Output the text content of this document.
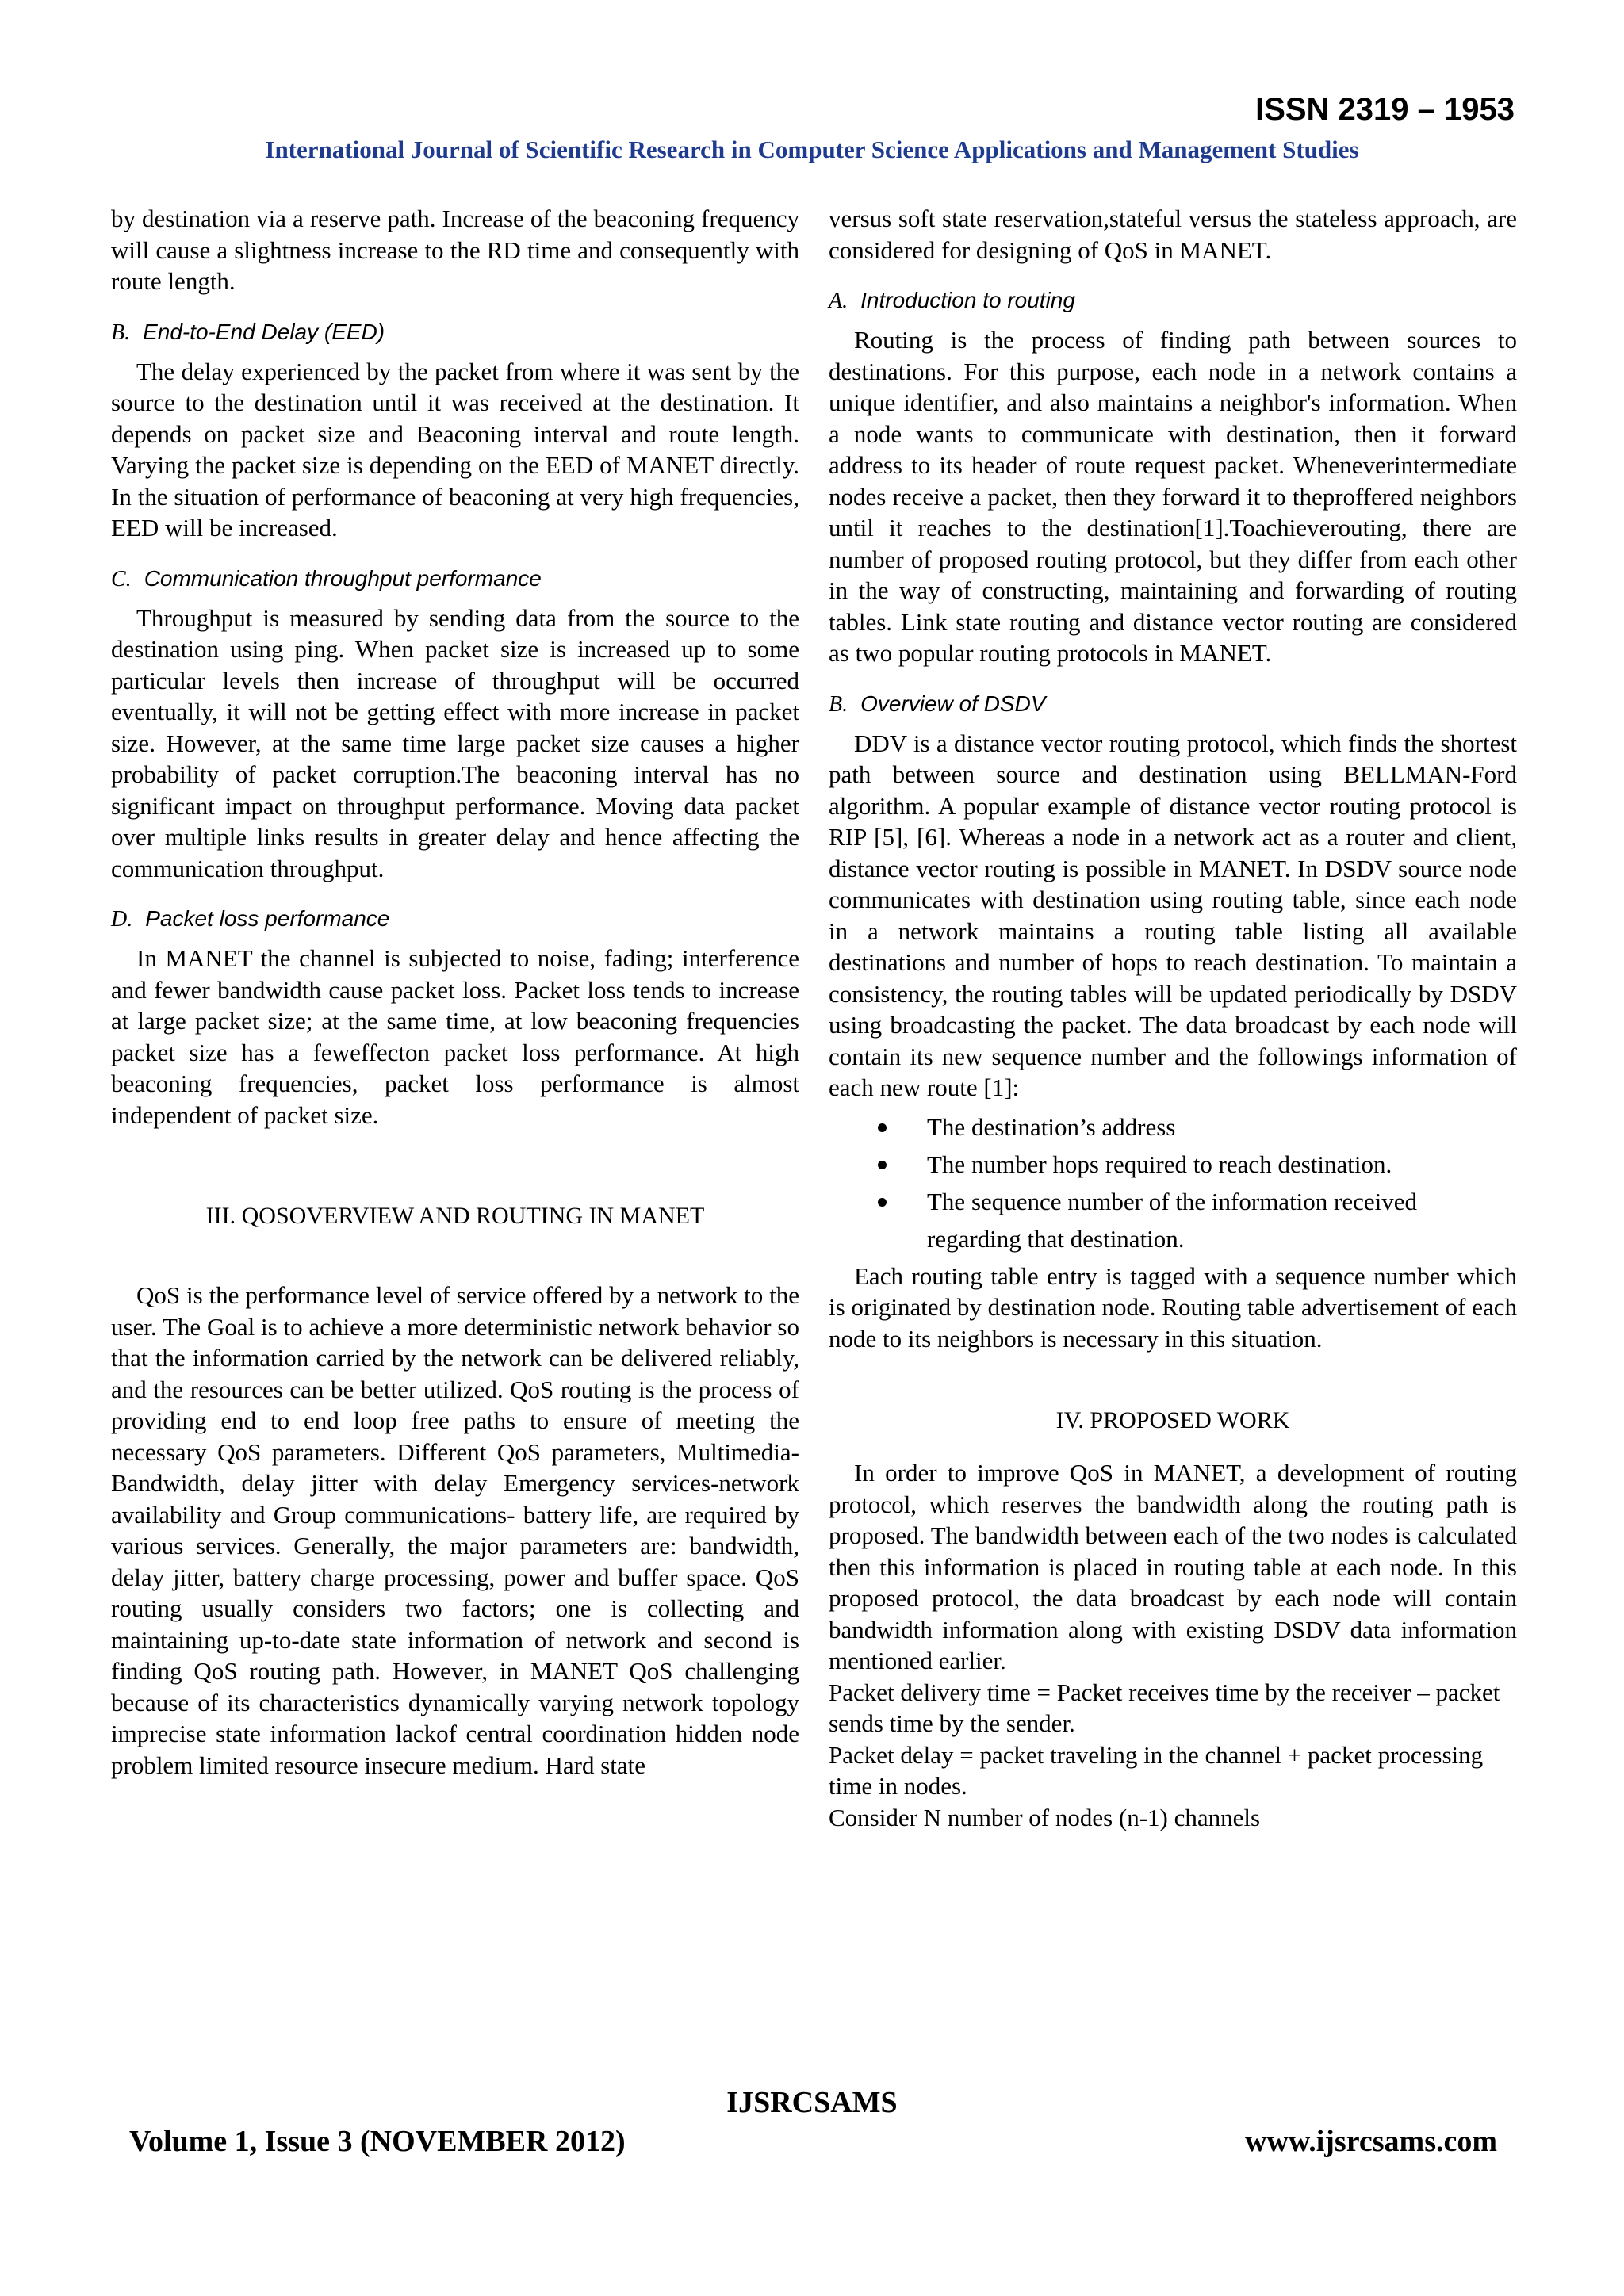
ISSN 2319 – 1953
International Journal of Scientific Research in Computer Science Applications and Management Studies

by destination via a reserve path. Increase of the beaconing frequency will cause a slightness increase to the RD time and consequently with route length.

B. End-to-End Delay (EED)

The delay experienced by the packet from where it was sent by the source to the destination until it was received at the destination. It depends on packet size and Beaconing interval and route length. Varying the packet size is depending on the EED of MANET directly. In the situation of performance of beaconing at very high frequencies, EED will be increased.

C. Communication throughput performance

Throughput is measured by sending data from the source to the destination using ping. When packet size is increased up to some particular levels then increase of throughput will be occurred eventually, it will not be getting effect with more increase in packet size. However, at the same time large packet size causes a higher probability of packet corruption.The beaconing interval has no significant impact on throughput performance. Moving data packet over multiple links results in greater delay and hence affecting the communication throughput.

D. Packet loss performance

In MANET the channel is subjected to noise, fading; interference and fewer bandwidth cause packet loss. Packet loss tends to increase at large packet size; at the same time, at low beaconing frequencies packet size has a feweffecton packet loss performance. At high beaconing frequencies, packet loss performance is almost independent of packet size.

III. QOSOVERVIEW AND ROUTING IN MANET

QoS is the performance level of service offered by a network to the user. The Goal is to achieve a more deterministic network behavior so that the information carried by the network can be delivered reliably, and the resources can be better utilized. QoS routing is the process of providing end to end loop free paths to ensure of meeting the necessary QoS parameters. Different QoS parameters, Multimedia-Bandwidth, delay jitter with delay Emergency services-network availability and Group communications- battery life, are required by various services. Generally, the major parameters are: bandwidth, delay jitter, battery charge processing, power and buffer space. QoS routing usually considers two factors; one is collecting and maintaining up-to-date state information of network and second is finding QoS routing path. However, in MANET QoS challenging because of its characteristics dynamically varying network topology imprecise state information lackof central coordination hidden node problem limited resource insecure medium. Hard state

versus soft state reservation,stateful versus the stateless approach, are considered for designing of QoS in MANET.

A. Introduction to routing

Routing is the process of finding path between sources to destinations. For this purpose, each node in a network contains a unique identifier, and also maintains a neighbor's information. When a node wants to communicate with destination, then it forward address to its header of route request packet. Wheneverintermediate nodes receive a packet, then they forward it to theproffered neighbors until it reaches to the destination[1].Toachieverouting, there are number of proposed routing protocol, but they differ from each other in the way of constructing, maintaining and forwarding of routing tables. Link state routing and distance vector routing are considered as two popular routing protocols in MANET.

B. Overview of DSDV

DDV is a distance vector routing protocol, which finds the shortest path between source and destination using BELLMAN-Ford algorithm. A popular example of distance vector routing protocol is RIP [5], [6]. Whereas a node in a network act as a router and client, distance vector routing is possible in MANET. In DSDV source node communicates with destination using routing table, since each node in a network maintains a routing table listing all available destinations and number of hops to reach destination. To maintain a consistency, the routing tables will be updated periodically by DSDV using broadcasting the packet. The data broadcast by each node will contain its new sequence number and the followings information of each new route [1]:

The destination’s address
The number hops required to reach destination.
The sequence number of the information received regarding that destination.

Each routing table entry is tagged with a sequence number which is originated by destination node. Routing table advertisement of each node to its neighbors is necessary in this situation.

IV. PROPOSED WORK

In order to improve QoS in MANET, a development of routing protocol, which reserves the bandwidth along the routing path is proposed. The bandwidth between each of the two nodes is calculated then this information is placed in routing table at each node. In this proposed protocol, the data broadcast by each node will contain bandwidth information along with existing DSDV data information mentioned earlier.

Packet delivery time = Packet receives time by the receiver – packet sends time by the sender.
Packet delay = packet traveling in the channel + packet processing time in nodes.
Consider N number of nodes (n-1) channels
IJSRCSAMS
Volume 1, Issue 3 (NOVEMBER 2012)	www.ijsrcsams.com
